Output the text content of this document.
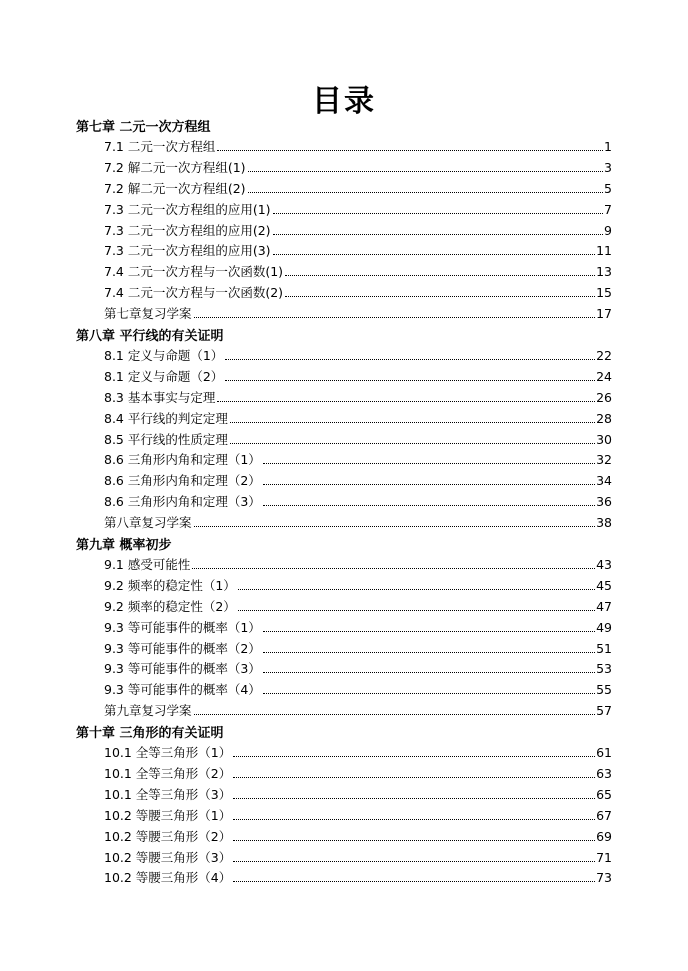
目录
第七章 二元一次方程组
7.1 二元一次方程组	1
7.2 解二元一次方程组(1)	3
7.2 解二元一次方程组(2)	5
7.3 二元一次方程组的应用(1)	7
7.3 二元一次方程组的应用(2)	9
7.3 二元一次方程组的应用(3)	11
7.4 二元一次方程与一次函数(1)	13
7.4 二元一次方程与一次函数(2)	15
第七章复习学案	17
第八章 平行线的有关证明
8.1 定义与命题（1）	22
8.1 定义与命题（2）	24
8.3 基本事实与定理	26
8.4 平行线的判定定理	28
8.5 平行线的性质定理	30
8.6 三角形内角和定理（1）	32
8.6 三角形内角和定理（2）	34
8.6 三角形内角和定理（3）	36
第八章复习学案	38
第九章 概率初步
9.1 感受可能性	43
9.2 频率的稳定性（1）	45
9.2 频率的稳定性（2）	47
9.3 等可能事件的概率（1）	49
9.3 等可能事件的概率（2）	51
9.3 等可能事件的概率（3）	53
9.3 等可能事件的概率（4）	55
第九章复习学案	57
第十章 三角形的有关证明
10.1 全等三角形（1）	61
10.1 全等三角形（2）	63
10.1 全等三角形（3）	65
10.2 等腰三角形（1）	67
10.2 等腰三角形（2）	69
10.2 等腰三角形（3）	71
10.2 等腰三角形（4）	73
